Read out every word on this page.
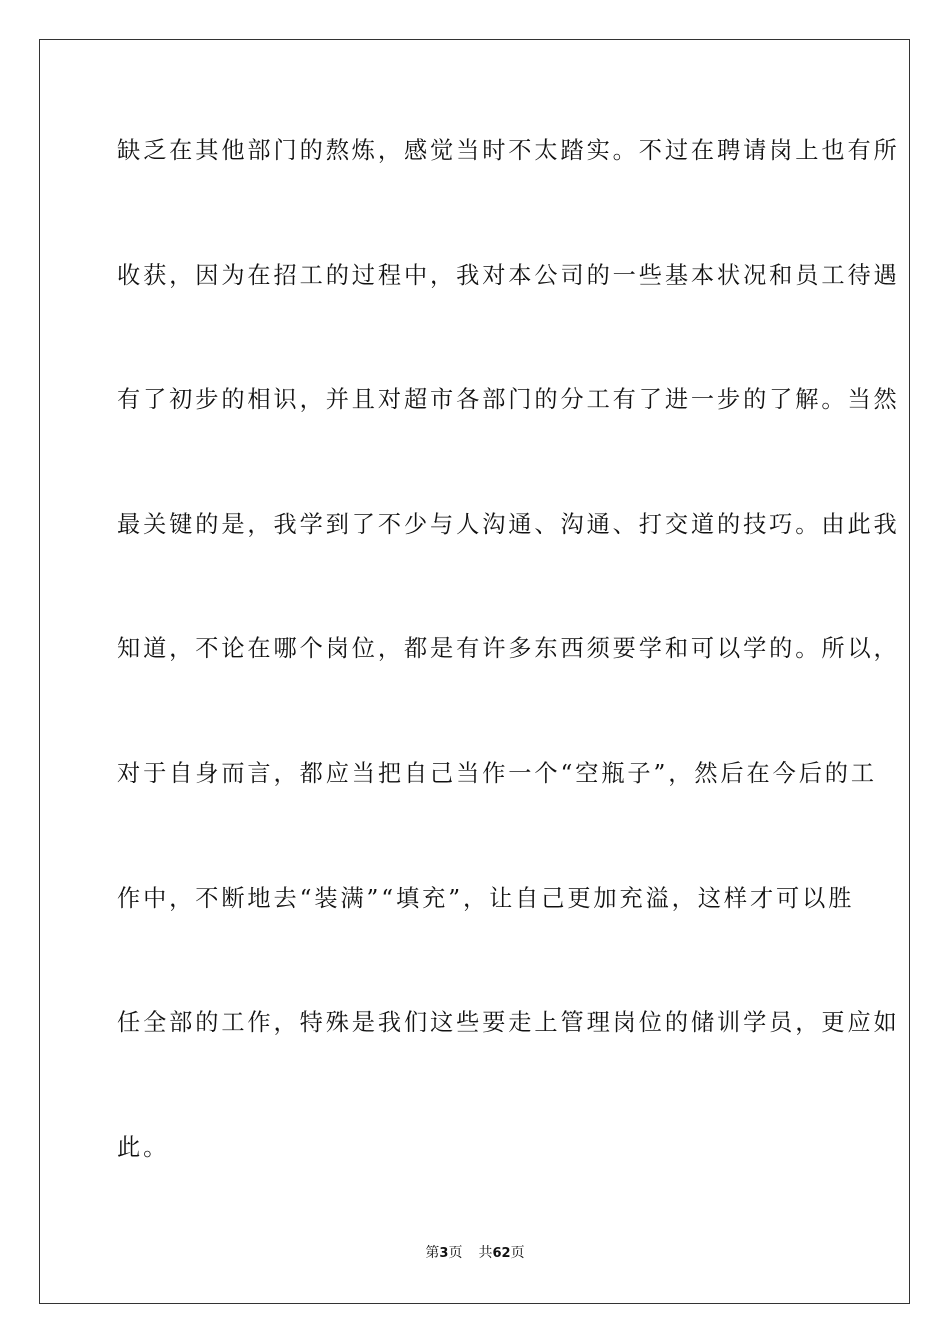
缺乏在其他部门的熬炼，感觉当时不太踏实。不过在聘请岗上也有所
收获，因为在招工的过程中，我对本公司的一些基本状况和员工待遇
有了初步的相识，并且对超市各部门的分工有了进一步的了解。当然
最关键的是，我学到了不少与人沟通、沟通、打交道的技巧。由此我
知道，不论在哪个岗位，都是有许多东西须要学和可以学的。所以，
对于自身而言，都应当把自己当作一个“空瓶子”，然后在今后的工
作中，不断地去“装满”“填充”，让自己更加充溢，这样才可以胜
任全部的工作，特殊是我们这些要走上管理岗位的储训学员，更应如
此。
第3页 共62页
